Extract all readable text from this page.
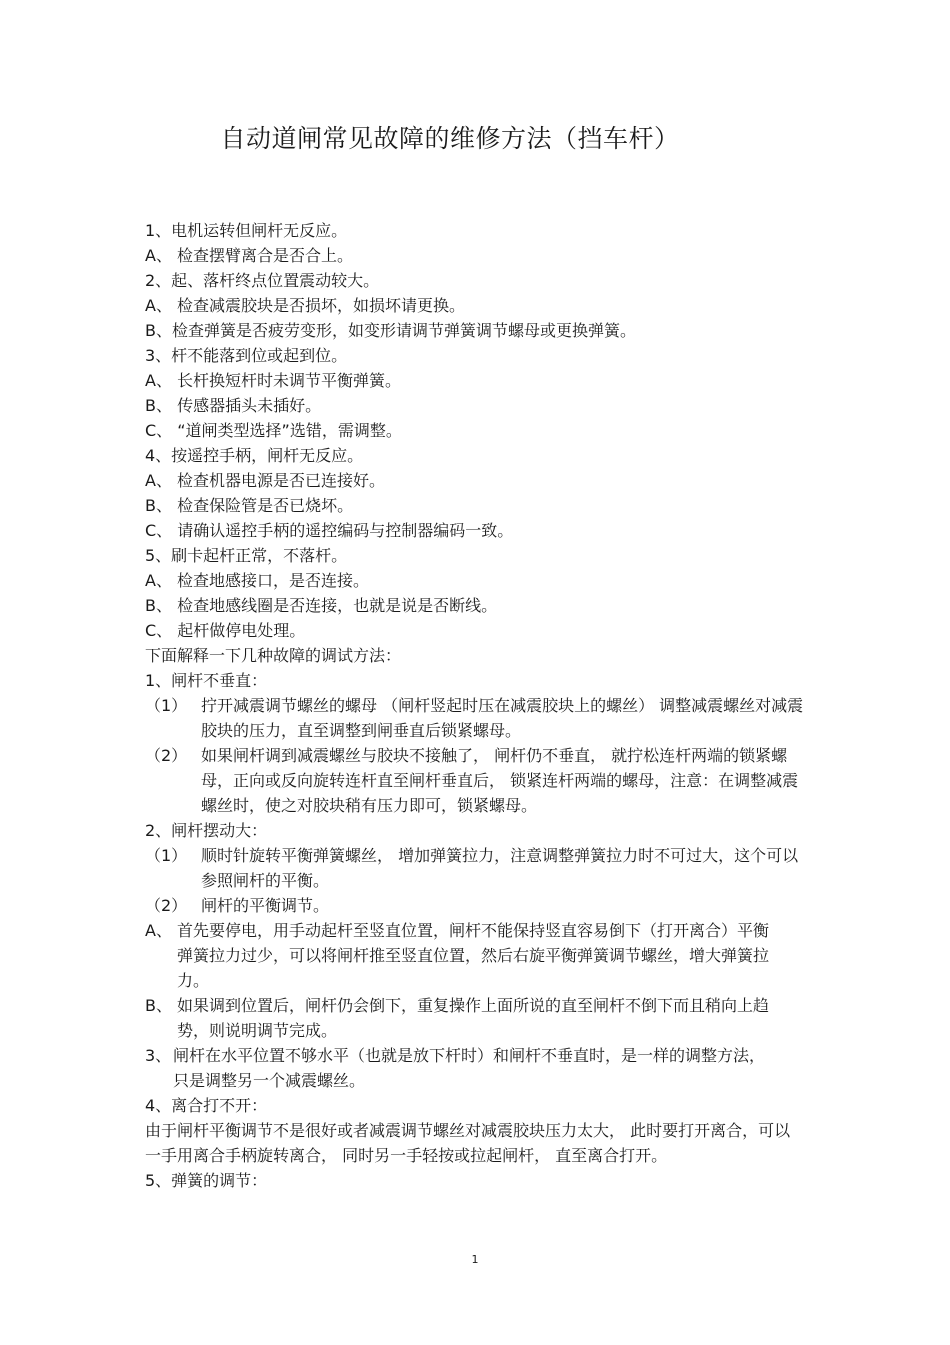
自动道闸常见故障的维修方法（挡车杆）
1、电机运转但闸杆无反应。
A、 检查摆臂离合是否合上。
2、起、落杆终点位置震动较大。
A、 检查减震胶块是否损坏，如损坏请更换。
B、检查弹簧是否疲劳变形，如变形请调节弹簧调节螺母或更换弹簧。
3、杆不能落到位或起到位。
A、 长杆换短杆时未调节平衡弹簧。
B、 传感器插头未插好。
C、 “道闸类型选择”选错，需调整。
4、按遥控手柄，闸杆无反应。
A、 检查机器电源是否已连接好。
B、 检查保险管是否已烧坏。
C、 请确认遥控手柄的遥控编码与控制器编码一致。
5、刷卡起杆正常，不落杆。
A、 检查地感接口，是否连接。
B、 检查地感线圈是否连接，也就是说是否断线。
C、 起杆做停电处理。
下面解释一下几种故障的调试方法：
1、闸杆不垂直：
（1） 拧开减震调节螺丝的螺母 （闸杆竖起时压在减震胶块上的螺丝） 调整减震螺丝对减震胶块的压力，直至调整到闸垂直后锁紧螺母。
（2） 如果闸杆调到减震螺丝与胶块不接触了， 闸杆仍不垂直， 就拧松连杆两端的锁紧螺母，正向或反向旋转连杆直至闸杆垂直后， 锁紧连杆两端的螺母，注意：在调整减震螺丝时，使之对胶块稍有压力即可，锁紧螺母。
2、闸杆摆动大：
（1） 顺时针旋转平衡弹簧螺丝， 增加弹簧拉力，注意调整弹簧拉力时不可过大，这个可以参照闸杆的平衡。
（2） 闸杆的平衡调节。
A、 首先要停电，用手动起杆至竖直位置，闸杆不能保持竖直容易倒下（打开离合）平衡弹簧拉力过少，可以将闸杆推至竖直位置，然后右旋平衡弹簧调节螺丝，增大弹簧拉力。
B、 如果调到位置后，闸杆仍会倒下，重复操作上面所说的直至闸杆不倒下而且稍向上趋势，则说明调节完成。
3、 闸杆在水平位置不够水平（也就是放下杆时）和闸杆不垂直时，是一样的调整方法，只是调整另一个减震螺丝。
4、离合打不开：
由于闸杆平衡调节不是很好或者减震调节螺丝对减震胶块压力太大， 此时要打开离合，可以一手用离合手柄旋转离合， 同时另一手轻按或拉起闸杆， 直至离合打开。
5、弹簧的调节：
1
